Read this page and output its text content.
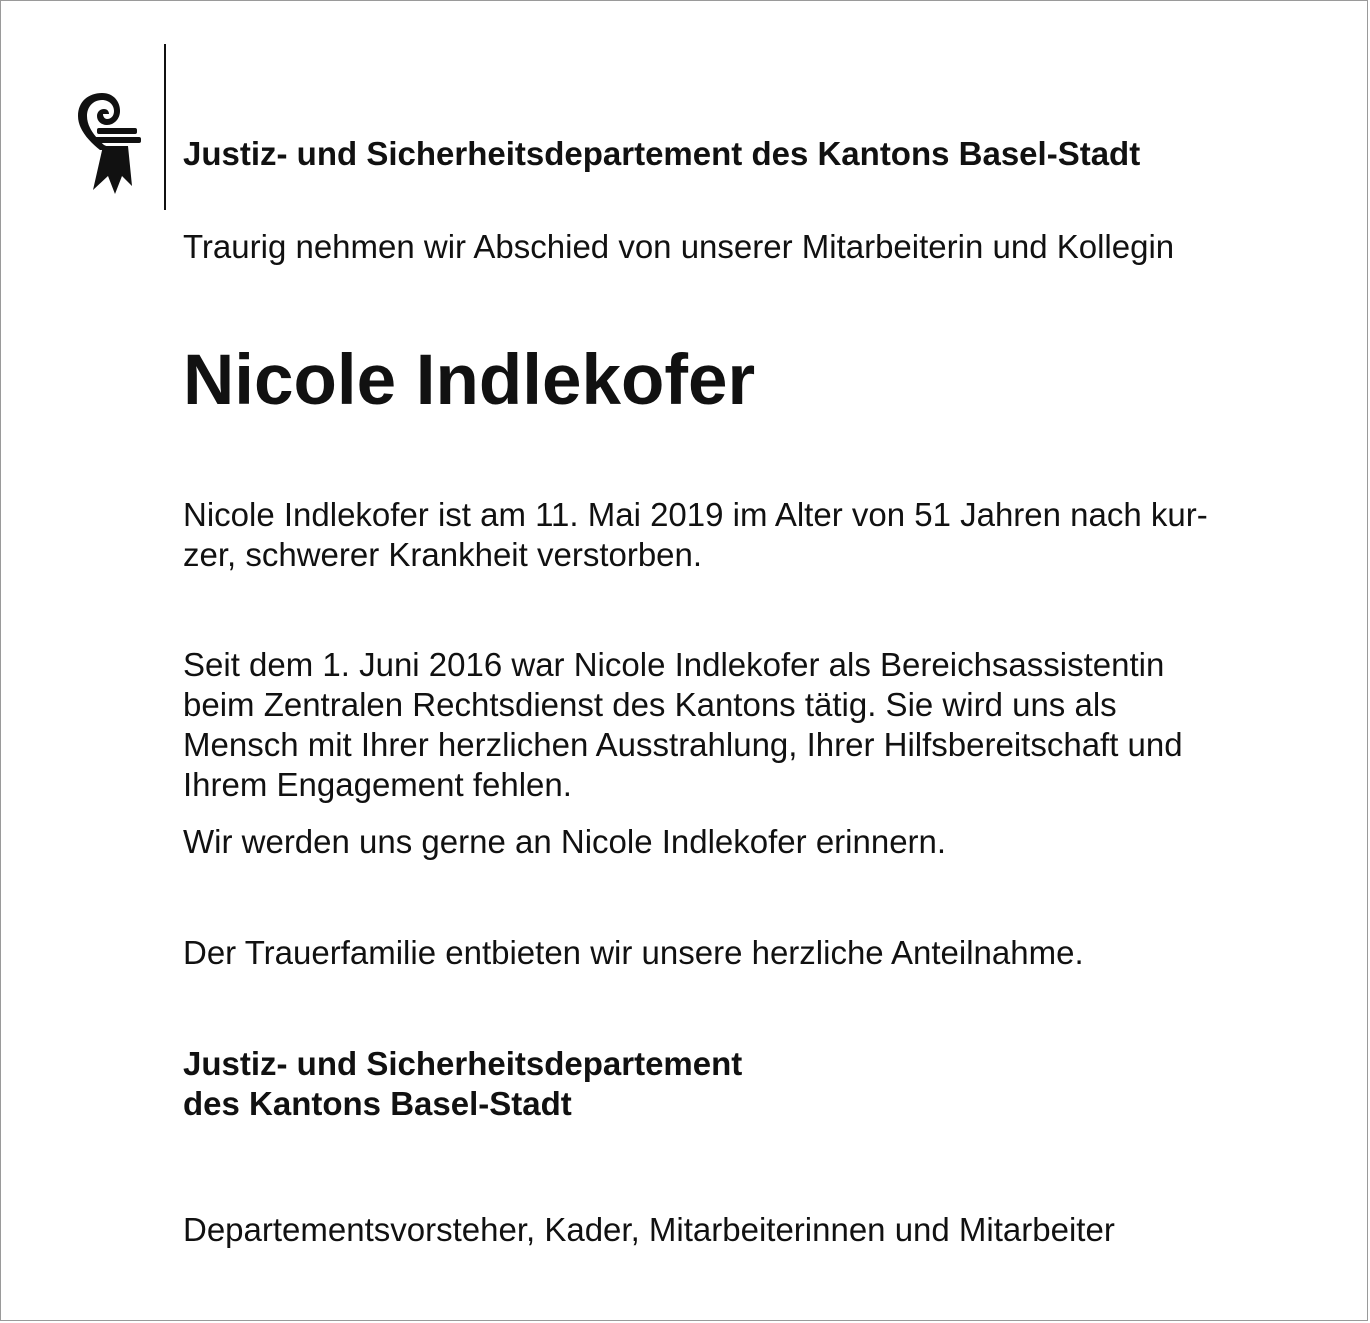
Justiz- und Sicherheitsdepartement des Kantons Basel-Stadt

Traurig nehmen wir Abschied von unserer Mitarbeiterin und Kollegin

Nicole Indlekofer

Nicole Indlekofer ist am 11. Mai 2019 im Alter von 51 Jahren nach kur-
zer, schwerer Krankheit verstorben.

Seit dem 1. Juni 2016 war Nicole Indlekofer als Bereichsassistentin
beim Zentralen Rechtsdienst des Kantons tätig. Sie wird uns als
Mensch mit Ihrer herzlichen Ausstrahlung, Ihrer Hilfsbereitschaft und
Ihrem Engagement fehlen.

Wir werden uns gerne an Nicole Indlekofer erinnern.

Der Trauerfamilie entbieten wir unsere herzliche Anteilnahme.

Justiz- und Sicherheitsdepartement
des Kantons Basel-Stadt

Departementsvorsteher, Kader, Mitarbeiterinnen und Mitarbeiter
